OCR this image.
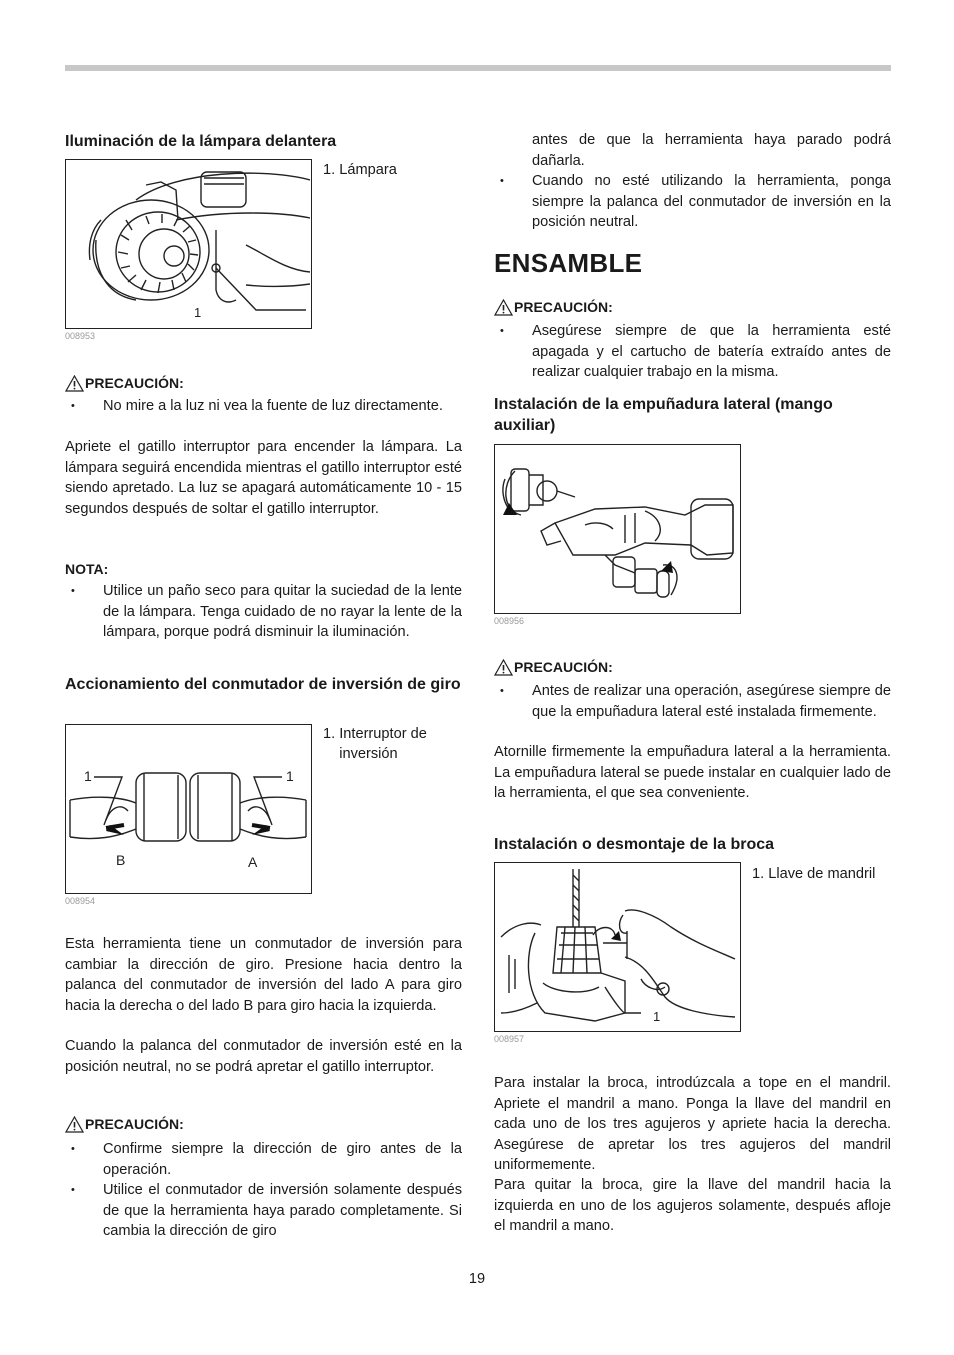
Iluminación de la lámpara delantera
1
1. Lámpara
008953
PRECAUCIÓN:
• No mire a la luz ni vea la fuente de luz directamente.

Apriete el gatillo interruptor para encender la lámpara. La lámpara seguirá encendida mientras el gatillo interruptor esté siendo apretado. La luz se apagará automáticamente 10 - 15 segundos después de soltar el gatillo interruptor.

NOTA:
• Utilice un paño seco para quitar la suciedad de la lente de la lámpara. Tenga cuidado de no rayar la lente de la lámpara, porque podrá disminuir la iluminación.
Accionamiento del conmutador de inversión de giro
1	1
B	A
1. Interruptor de
inversión
008954

Esta herramienta tiene un conmutador de inversión para cambiar la dirección de giro. Presione hacia dentro la palanca del conmutador de inversión del lado A para giro hacia la derecha o del lado B para giro hacia la izquierda.

Cuando la palanca del conmutador de inversión esté en la posición neutral, no se podrá apretar el gatillo interruptor.

PRECAUCIÓN:
• Confirme siempre la dirección de giro antes de la operación.
• Utilice el conmutador de inversión solamente después de que la herramienta haya parado completamente. Si cambia la dirección de giro
antes de que la herramienta haya parado podrá dañarla.
• Cuando no esté utilizando la herramienta, ponga siempre la palanca del conmutador de inversión en la posición neutral.
ENSAMBLE
PRECAUCIÓN:
• Asegúrese siempre de que la herramienta esté apagada y el cartucho de batería extraído antes de realizar cualquier trabajo en la misma.
Instalación de la empuñadura lateral (mango auxiliar)
008956
PRECAUCIÓN:
• Antes de realizar una operación, asegúrese siempre de que la empuñadura lateral esté instalada firmemente.

Atornille firmemente la empuñadura lateral a la herramienta. La empuñadura lateral se puede instalar en cualquier lado de la herramienta, el que sea conveniente.

Instalación o desmontaje de la broca
1
1. Llave de mandril
008957

Para instalar la broca, introdúzcala a tope en el mandril. Apriete el mandril a mano. Ponga la llave del mandril en cada uno de los tres agujeros y apriete hacia la derecha. Asegúrese de apretar los tres agujeros del mandril uniformemente.

Para quitar la broca, gire la llave del mandril hacia la izquierda en uno de los agujeros solamente, después afloje el mandril a mano.

19
